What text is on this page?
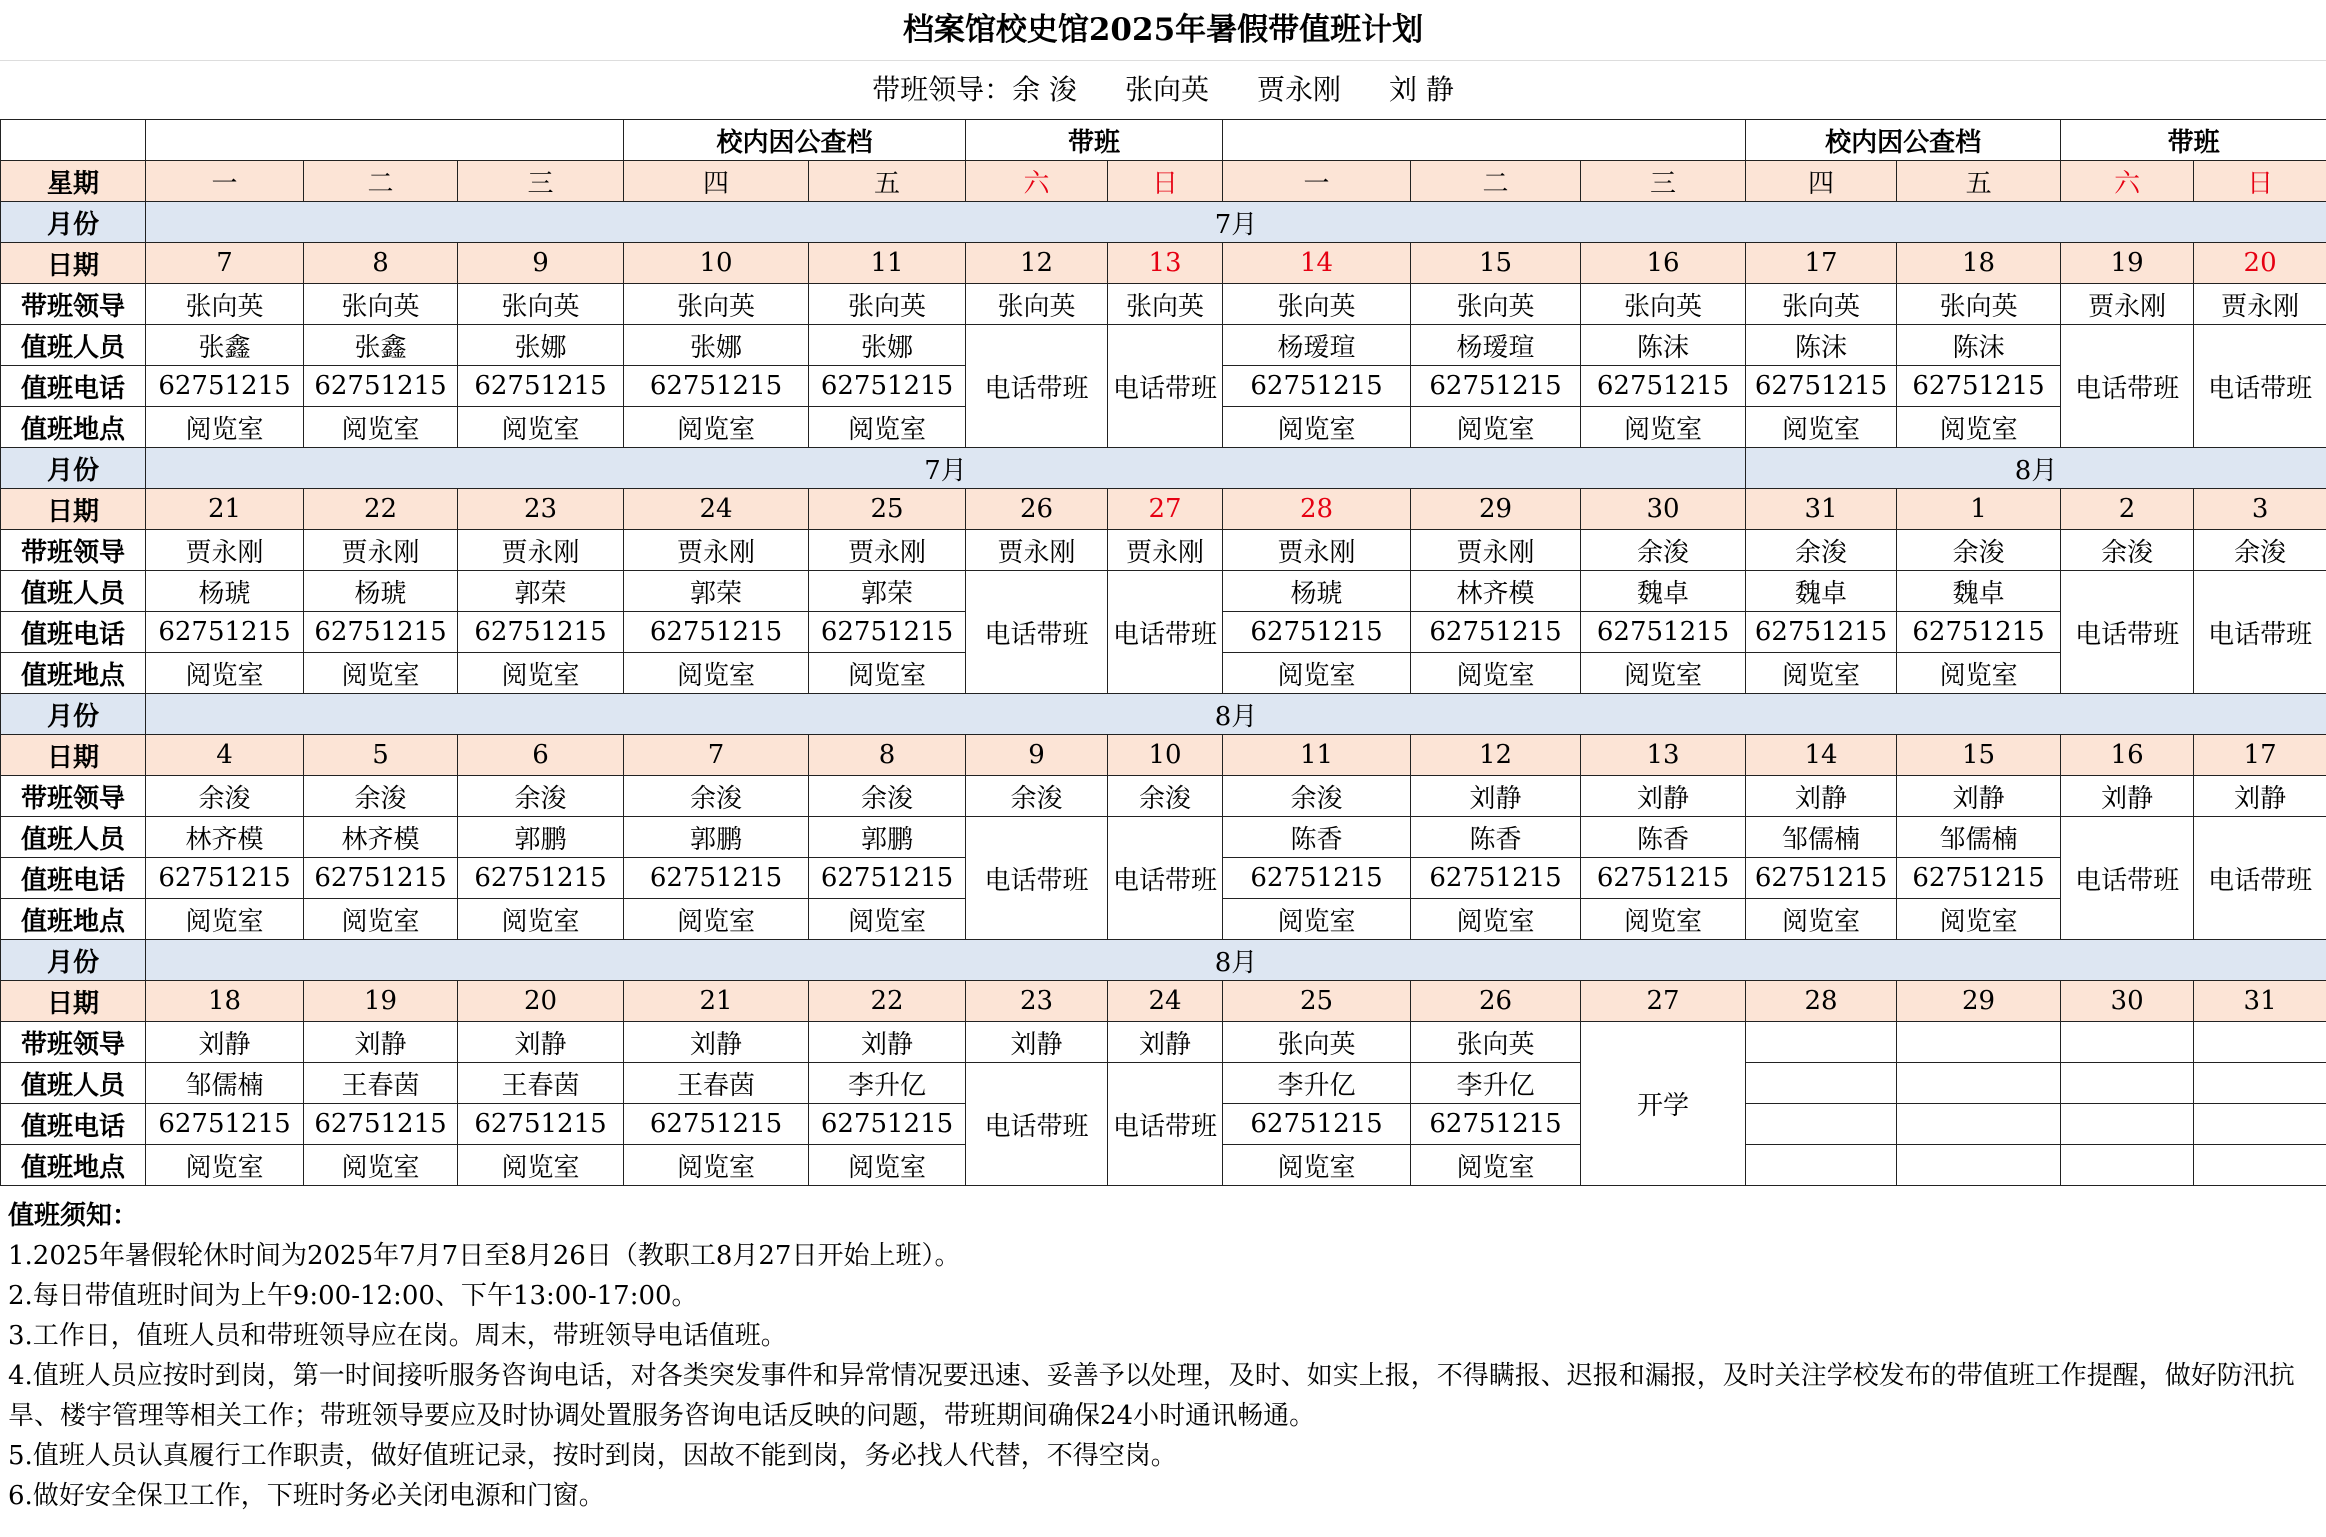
档案馆校史馆2025年暑假带值班计划
带班领导：余 浚 张向英 贾永刚 刘 静
				校内因公查档		带班					校内因公查档		带班	
星期	一	二	三	四	五	六	日	一	二	三	四	五	六	日
月份	7月													
日期	7	8	9	10	11	12	13	14	15	16	17	18	19	20
带班领导	张向英	张向英	张向英	张向英	张向英	张向英	张向英	张向英	张向英	张向英	张向英	张向英	贾永刚	贾永刚
值班人员	张鑫	张鑫	张娜	张娜	张娜	电话带班	电话带班	杨瑷瑄	杨瑷瑄	陈沫	陈沫	陈沫	电话带班	电话带班
值班电话	62751215	62751215	62751215	62751215	62751215			62751215	62751215	62751215	62751215	62751215		
值班地点	阅览室	阅览室	阅览室	阅览室	阅览室			阅览室	阅览室	阅览室	阅览室	阅览室		
月份	7月										8月			
日期	21	22	23	24	25	26	27	28	29	30	31	1	2	3
带班领导	贾永刚	贾永刚	贾永刚	贾永刚	贾永刚	贾永刚	贾永刚	贾永刚	贾永刚	余浚	余浚	余浚	余浚	余浚
值班人员	杨琥	杨琥	郭荣	郭荣	郭荣	电话带班	电话带班	杨琥	林齐模	魏卓	魏卓	魏卓	电话带班	电话带班
值班电话	62751215	62751215	62751215	62751215	62751215			62751215	62751215	62751215	62751215	62751215		
值班地点	阅览室	阅览室	阅览室	阅览室	阅览室			阅览室	阅览室	阅览室	阅览室	阅览室		
月份	8月													
日期	4	5	6	7	8	9	10	11	12	13	14	15	16	17
带班领导	余浚	余浚	余浚	余浚	余浚	余浚	余浚	余浚	刘静	刘静	刘静	刘静	刘静	刘静
值班人员	林齐模	林齐模	郭鹏	郭鹏	郭鹏	电话带班	电话带班	陈香	陈香	陈香	邹儒楠	邹儒楠	电话带班	电话带班
值班电话	62751215	62751215	62751215	62751215	62751215			62751215	62751215	62751215	62751215	62751215		
值班地点	阅览室	阅览室	阅览室	阅览室	阅览室			阅览室	阅览室	阅览室	阅览室	阅览室		
月份	8月													
日期	18	19	20	21	22	23	24	25	26	27	28	29	30	31
带班领导	刘静	刘静	刘静	刘静	刘静	刘静	刘静	张向英	张向英	开学				
值班人员	邹儒楠	王春茵	王春茵	王春茵	李升亿	电话带班	电话带班	李升亿	李升亿					
值班电话	62751215	62751215	62751215	62751215	62751215			62751215	62751215					
值班地点	阅览室	阅览室	阅览室	阅览室	阅览室			阅览室	阅览室					
值班须知：

1.2025年暑假轮休时间为2025年7月7日至8月26日（教职工8月27日开始上班）。

2.每日带值班时间为上午9:00-12:00、下午13:00-17:00。

3.工作日，值班人员和带班领导应在岗。周末，带班领导电话值班。

4.值班人员应按时到岗，第一时间接听服务咨询电话，对各类突发事件和异常情况要迅速、妥善予以处理，及时、如实上报，不得瞒报、迟报和漏报，及时关注学校发布的带值班工作提醒，做好防汛抗旱、楼宇管理等相关工作；带班领导要应及时协调处置服务咨询电话反映的问题，带班期间确保24小时通讯畅通。

5.值班人员认真履行工作职责，做好值班记录，按时到岗，因故不能到岗，务必找人代替，不得空岗。

6.做好安全保卫工作，下班时务必关闭电源和门窗。
